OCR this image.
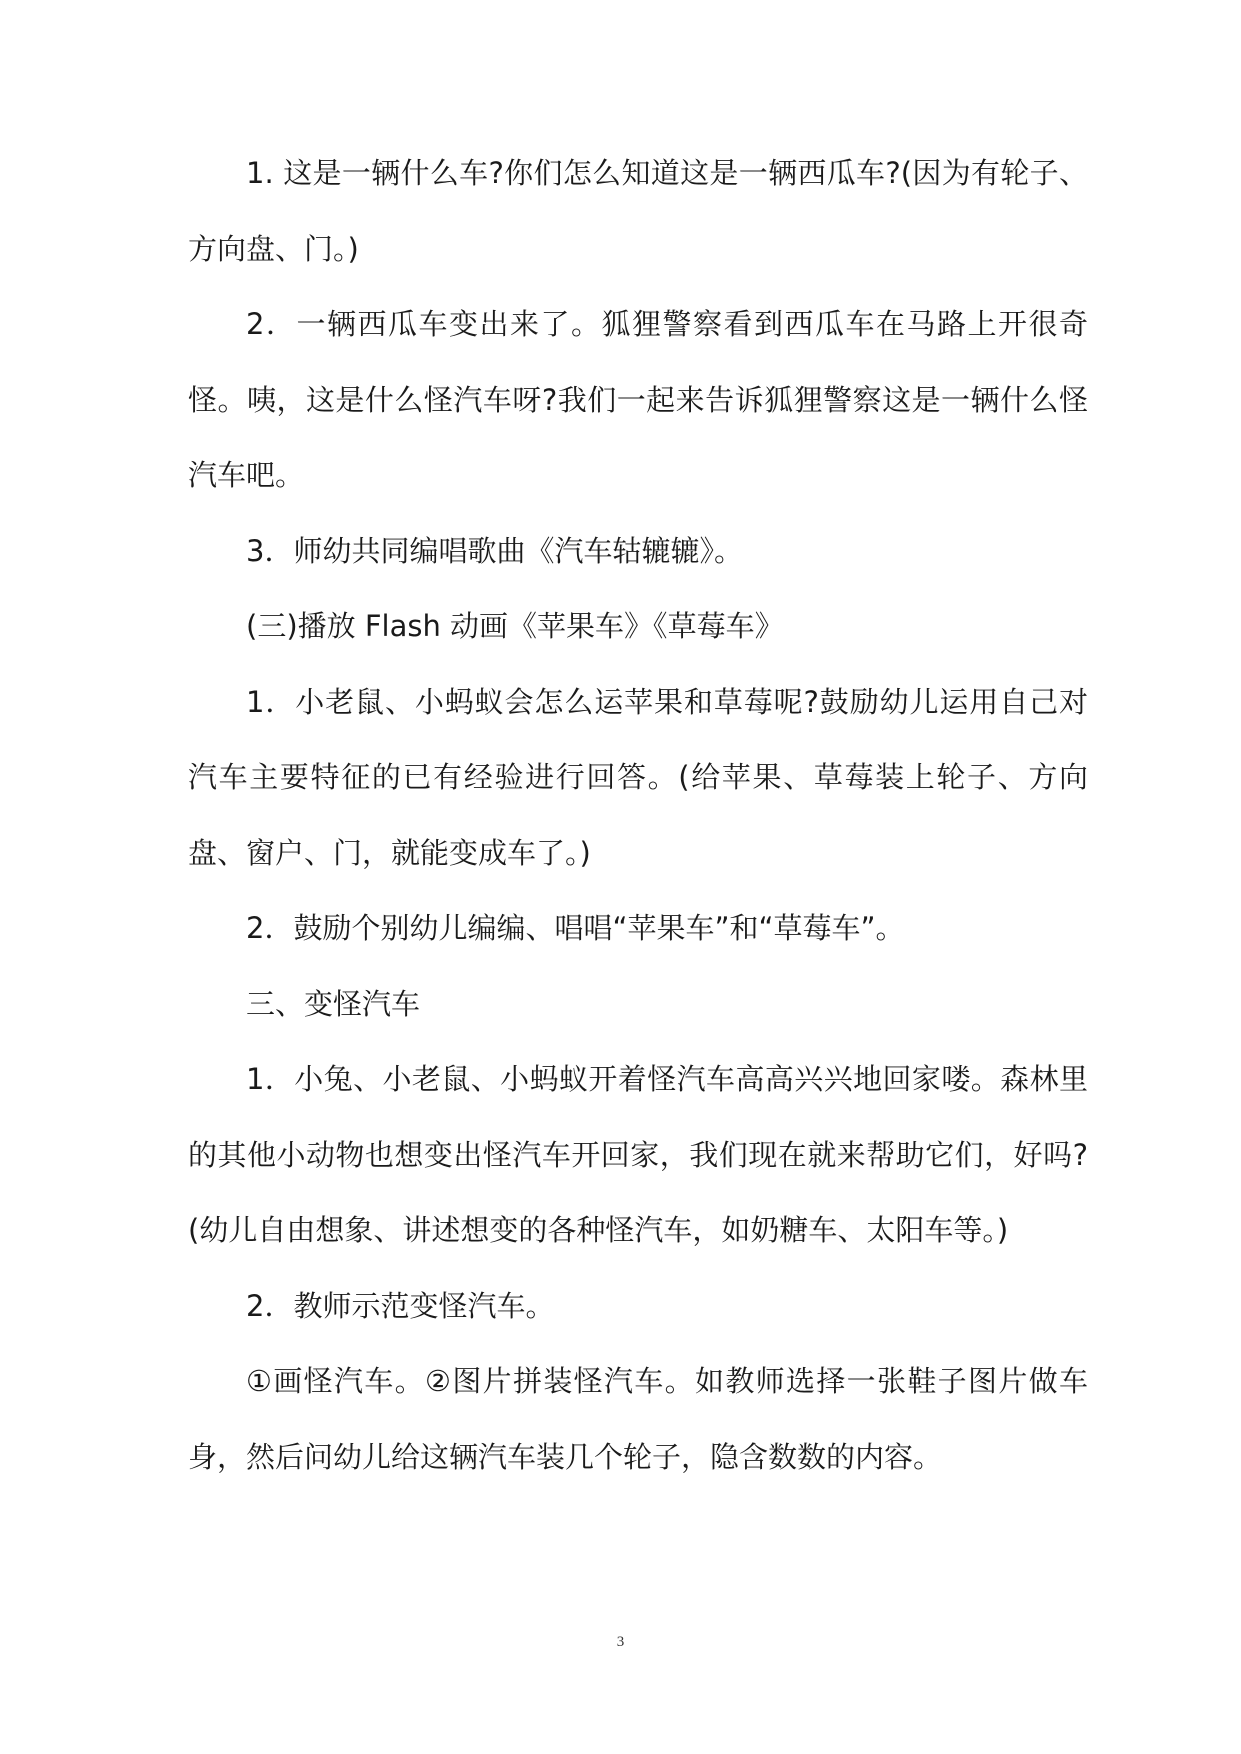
1. 这是一辆什么车?你们怎么知道这是一辆西瓜车?(因为有轮子、方向盘、门。)

2．一辆西瓜车变出来了。狐狸警察看到西瓜车在马路上开很奇怪。咦，这是什么怪汽车呀?我们一起来告诉狐狸警察这是一辆什么怪汽车吧。

3．师幼共同编唱歌曲《汽车轱辘辘》。

(三)播放 Flash 动画《苹果车》《草莓车》

1．小老鼠、小蚂蚁会怎么运苹果和草莓呢?鼓励幼儿运用自己对汽车主要特征的已有经验进行回答。(给苹果、草莓装上轮子、方向盘、窗户、门，就能变成车了。)

2．鼓励个别幼儿编编、唱唱“苹果车”和“草莓车”。

三、变怪汽车

1．小兔、小老鼠、小蚂蚁开着怪汽车高高兴兴地回家喽。森林里的其他小动物也想变出怪汽车开回家，我们现在就来帮助它们，好吗?(幼儿自由想象、讲述想变的各种怪汽车，如奶糖车、太阳车等。)

2．教师示范变怪汽车。

①画怪汽车。②图片拼装怪汽车。如教师选择一张鞋子图片做车身，然后问幼儿给这辆汽车装几个轮子，隐含数数的内容。

3
